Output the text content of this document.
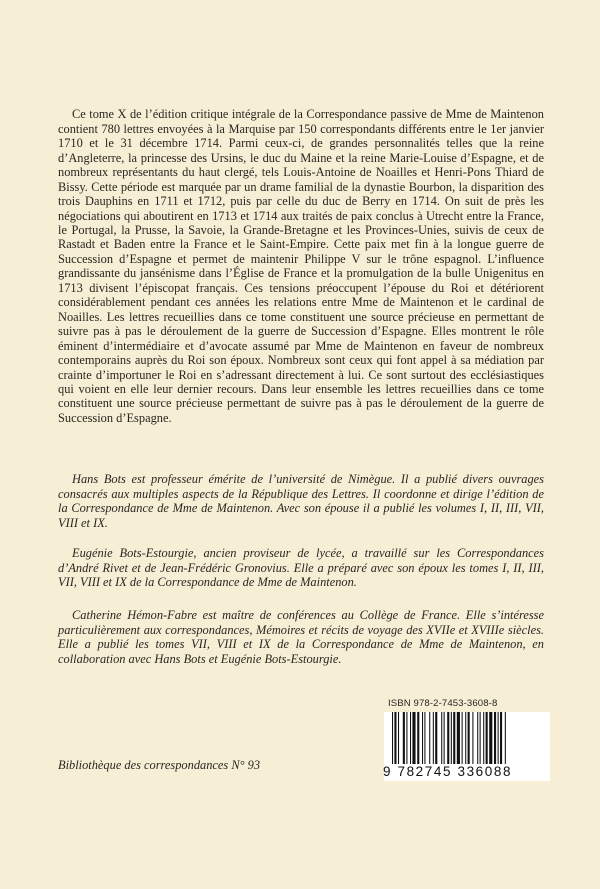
Ce tome X de l’édition critique intégrale de la Correspondance passive de Mme de Maintenon contient 780 lettres envoyées à la Marquise par 150 correspondants différents entre le 1er janvier 1710 et le 31 décembre 1714. Parmi ceux-ci, de grandes personnalités telles que la reine d’Angleterre, la princesse des Ursins, le duc du Maine et la reine Marie-Louise d’Espagne, et de nombreux représentants du haut clergé, tels Louis-Antoine de Noailles et Henri-Pons Thiard de Bissy. Cette période est marquée par un drame familial de la dynastie Bourbon, la disparition des trois Dauphins en 1711 et 1712, puis par celle du duc de Berry en 1714. On suit de près les négociations qui aboutirent en 1713 et 1714 aux traités de paix conclus à Utrecht entre la France, le Portugal, la Prusse, la Savoie, la Grande-Bretagne et les Provinces-Unies, suivis de ceux de Rastadt et Baden entre la France et le Saint-Empire. Cette paix met fin à la longue guerre de Succession d’Espagne et permet de maintenir Philippe V sur le trône espagnol. L’influence grandissante du jansénisme dans l’Église de France et la promulgation de la bulle Unigenitus en 1713 divisent l’épiscopat français. Ces tensions préoccupent l’épouse du Roi et détériorent considérablement pendant ces années les relations entre Mme de Maintenon et le cardinal de Noailles. Les lettres recueillies dans ce tome constituent une source précieuse en permettant de suivre pas à pas le déroulement de la guerre de Succession d’Espagne. Elles montrent le rôle éminent d’intermédiaire et d’avocate assumé par Mme de Maintenon en faveur de nombreux contemporains auprès du Roi son époux. Nombreux sont ceux qui font appel à sa médiation par crainte d’importuner le Roi en s’adressant directement à lui. Ce sont surtout des ecclésiastiques qui voient en elle leur dernier recours. Dans leur ensemble les lettres recueillies dans ce tome constituent une source précieuse permettant de suivre pas à pas le déroulement de la guerre de Succession d’Espagne.

Hans Bots est professeur émérite de l’université de Nimègue. Il a publié divers ouvrages consacrés aux multiples aspects de la République des Lettres. Il coordonne et dirige l’édition de la Correspondance de Mme de Maintenon. Avec son épouse il a publié les volumes I, II, III, VII, VIII et IX.

Eugénie Bots-Estourgie, ancien proviseur de lycée, a travaillé sur les Correspondances d’André Rivet et de Jean-Frédéric Gronovius. Elle a préparé avec son époux les tomes I, II, III, VII, VIII et IX de la Correspondance de Mme de Maintenon.

Catherine Hémon-Fabre est maître de conférences au Collège de France. Elle s’intéresse particulièrement aux correspondances, Mémoires et récits de voyage des XVIIe et XVIIIe siècles. Elle a publié les tomes VII, VIII et IX de la Correspondance de Mme de Maintenon, en collaboration avec Hans Bots et Eugénie Bots-Estourgie.

Bibliothèque des correspondances N° 93
ISBN 978-2-7453-3608-8
9 782745 336088
